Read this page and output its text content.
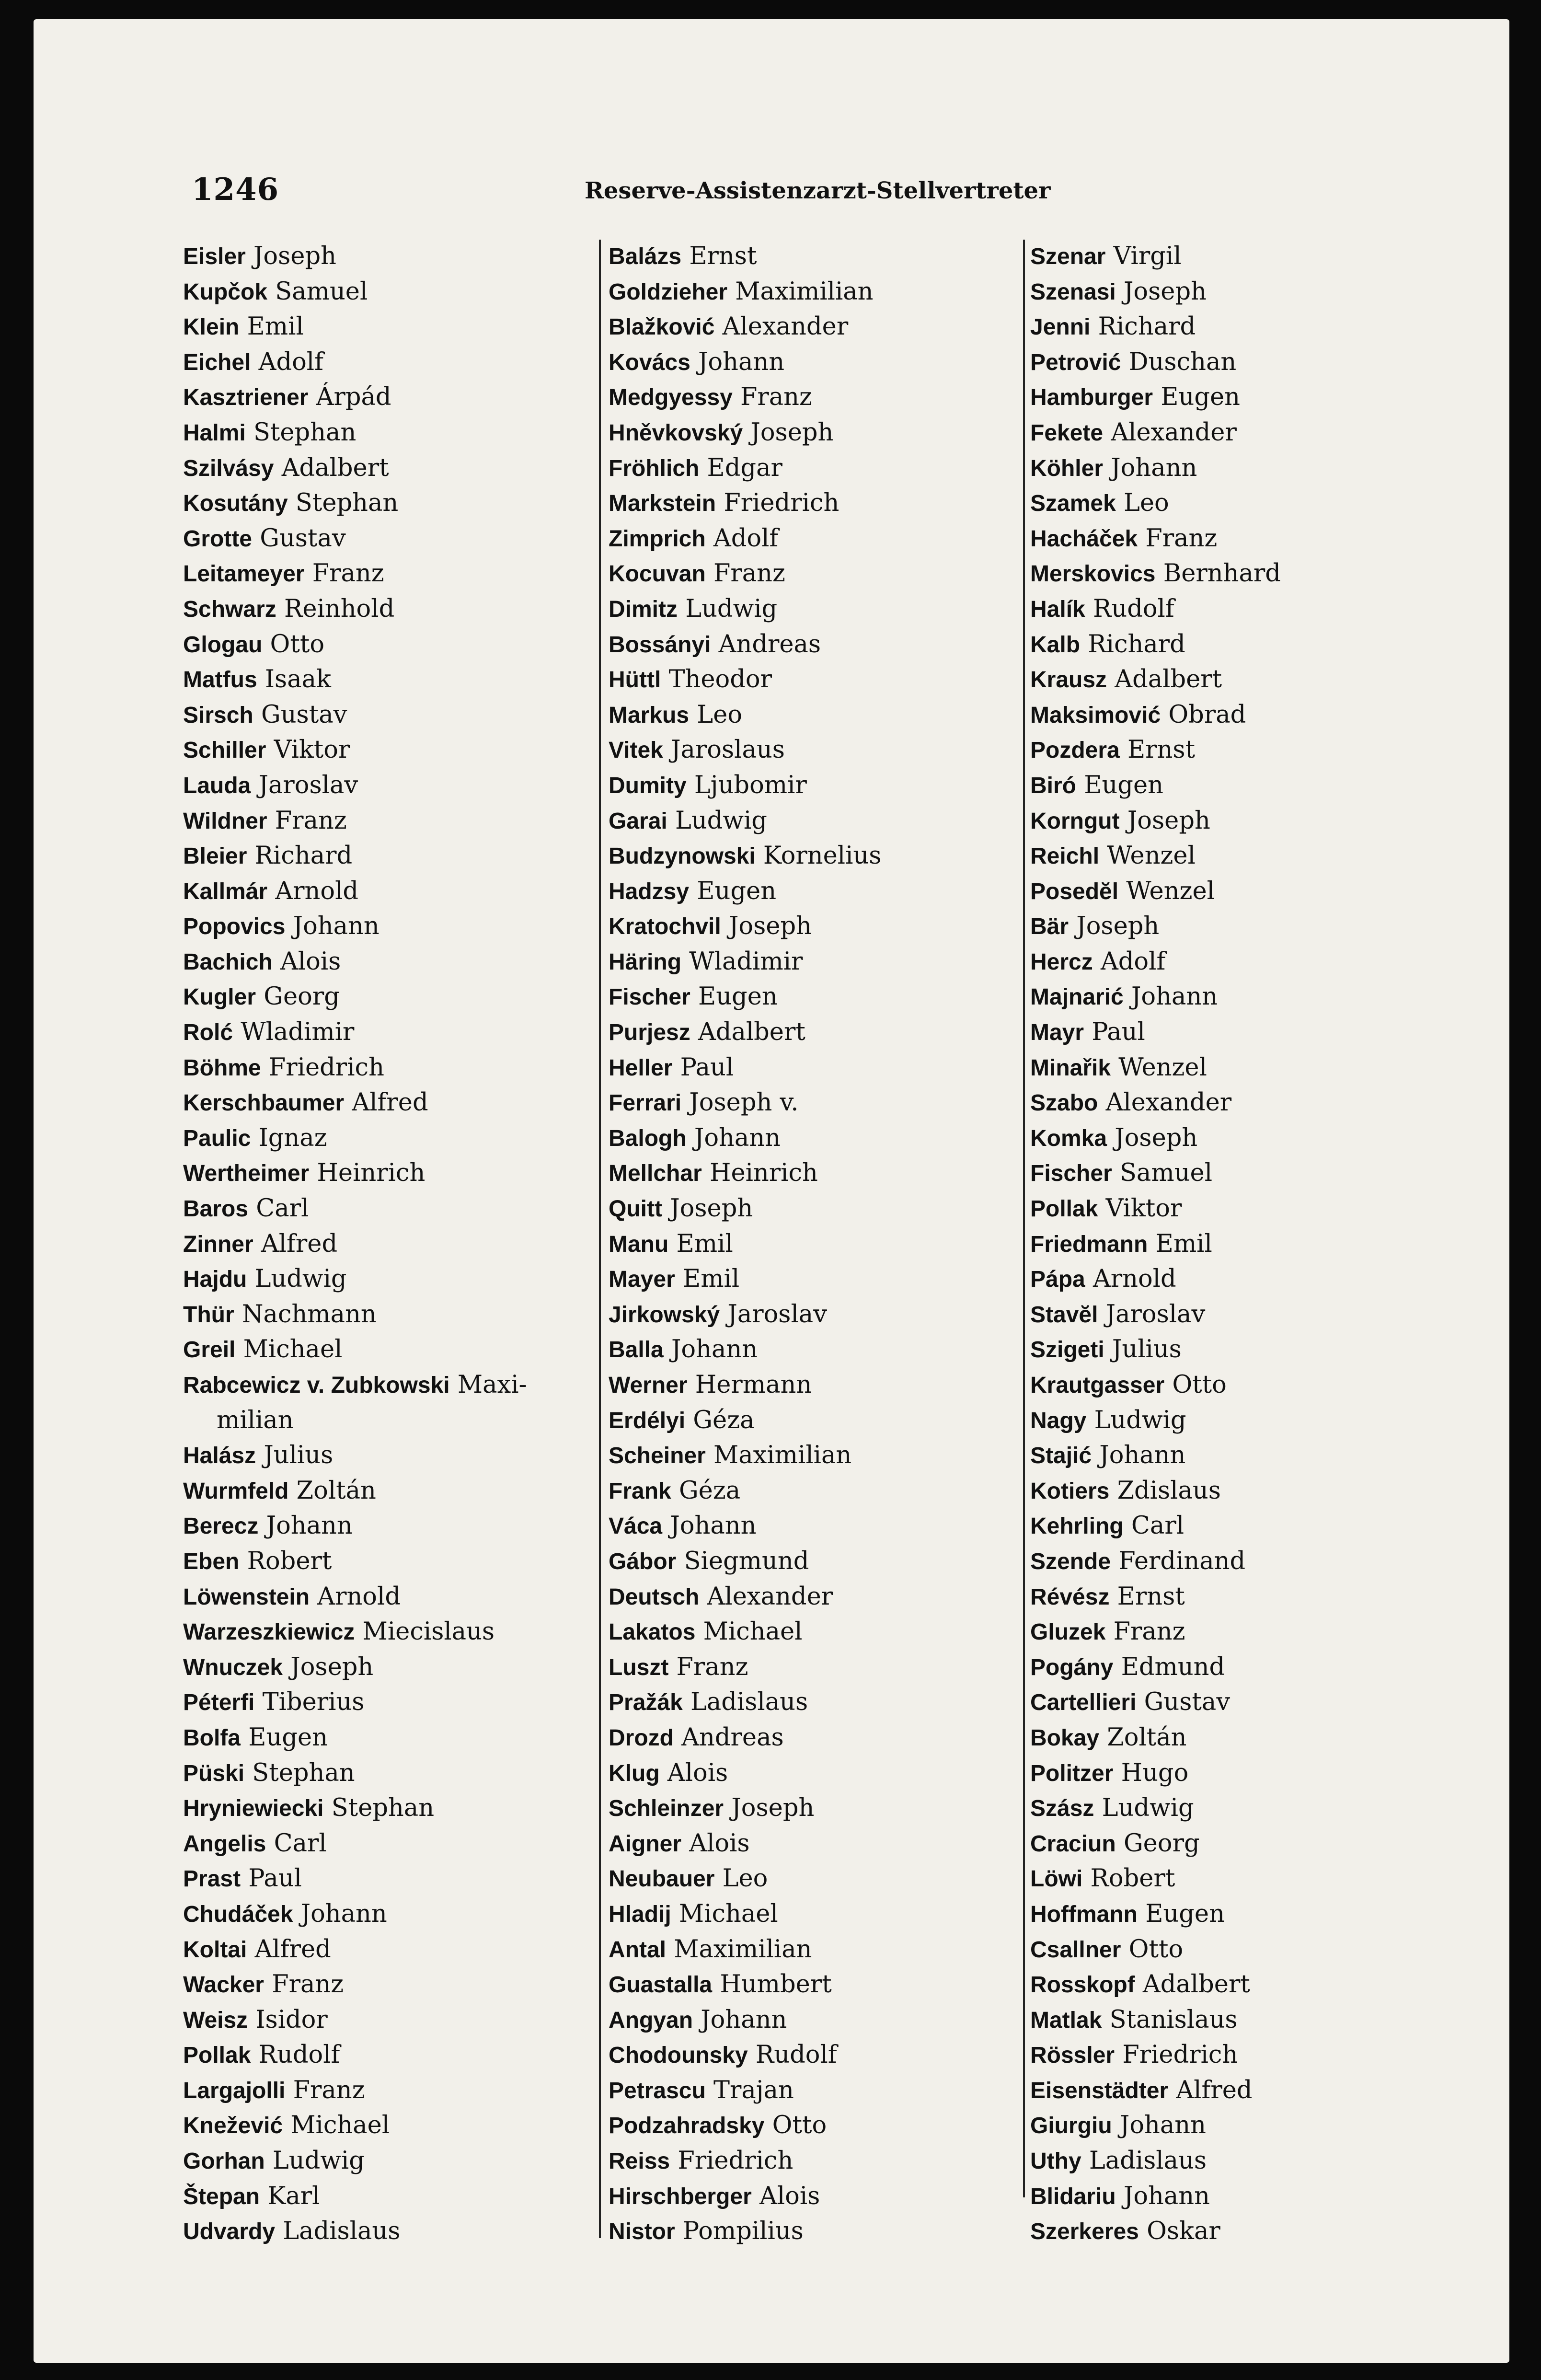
1246	Reserve-Assistenzarzt-Stellvertreter
Eisler Joseph
Kupčok Samuel
Klein Emil
Eichel Adolf
Kasztriener Árpád
Halmi Stephan
Szilvásy Adalbert
Kosutány Stephan
Grotte Gustav
Leitameyer Franz
Schwarz Reinhold
Glogau Otto
Matfus Isaak
Sirsch Gustav
Schiller Viktor
Lauda Jaroslav
Wildner Franz
Bleier Richard
Kallmár Arnold
Popovics Johann
Bachich Alois
Kugler Georg
Rolć Wladimir
Böhme Friedrich
Kerschbaumer Alfred
Paulic Ignaz
Wertheimer Heinrich
Baros Carl
Zinner Alfred
Hajdu Ludwig
Thür Nachmann
Greil Michael
Rabcewicz v. Zubkowski Maxi-
milian
Halász Julius
Wurmfeld Zoltán
Berecz Johann
Eben Robert
Löwenstein Arnold
Warzeszkiewicz Miecislaus
Wnuczek Joseph
Péterfi Tiberius
Bolfa Eugen
Püski Stephan
Hryniewiecki Stephan
Angelis Carl
Prast Paul
Chudáček Johann
Koltai Alfred
Wacker Franz
Weisz Isidor
Pollak Rudolf
Largajolli Franz
Knežević Michael
Gorhan Ludwig
Štepan Karl
Udvardy Ladislaus
Balázs Ernst
Goldzieher Maximilian
Blažković Alexander
Kovács Johann
Medgyessy Franz
Hněvkovský Joseph
Fröhlich Edgar
Markstein Friedrich
Zimprich Adolf
Kocuvan Franz
Dimitz Ludwig
Bossányi Andreas
Hüttl Theodor
Markus Leo
Vitek Jaroslaus
Dumity Ljubomir
Garai Ludwig
Budzynowski Kornelius
Hadzsy Eugen
Kratochvil Joseph
Häring Wladimir
Fischer Eugen
Purjesz Adalbert
Heller Paul
Ferrari Joseph v.
Balogh Johann
Mellchar Heinrich
Quitt Joseph
Manu Emil
Mayer Emil
Jirkowský Jaroslav
Balla Johann
Werner Hermann
Erdélyi Géza
Scheiner Maximilian
Frank Géza
Váca Johann
Gábor Siegmund
Deutsch Alexander
Lakatos Michael
Luszt Franz
Pražák Ladislaus
Drozd Andreas
Klug Alois
Schleinzer Joseph
Aigner Alois
Neubauer Leo
Hladij Michael
Antal Maximilian
Guastalla Humbert
Angyan Johann
Chodounsky Rudolf
Petrascu Trajan
Podzahradsky Otto
Reiss Friedrich
Hirschberger Alois
Nistor Pompilius
Szenar Virgil
Szenasi Joseph
Jenni Richard
Petrović Duschan
Hamburger Eugen
Fekete Alexander
Köhler Johann
Szamek Leo
Hacháček Franz
Merskovics Bernhard
Halík Rudolf
Kalb Richard
Krausz Adalbert
Maksimović Obrad
Pozdera Ernst
Biró Eugen
Korngut Joseph
Reichl Wenzel
Posedĕl Wenzel
Bär Joseph
Hercz Adolf
Majnarić Johann
Mayr Paul
Minařik Wenzel
Szabo Alexander
Komka Joseph
Fischer Samuel
Pollak Viktor
Friedmann Emil
Pápa Arnold
Stavĕl Jaroslav
Szigeti Julius
Krautgasser Otto
Nagy Ludwig
Stajić Johann
Kotiers Zdislaus
Kehrling Carl
Szende Ferdinand
Révész Ernst
Gluzek Franz
Pogány Edmund
Cartellieri Gustav
Bokay Zoltán
Politzer Hugo
Szász Ludwig
Craciun Georg
Löwi Robert
Hoffmann Eugen
Csallner Otto
Rosskopf Adalbert
Matlak Stanislaus
Rössler Friedrich
Eisenstädter Alfred
Giurgiu Johann
Uthy Ladislaus
Blidariu Johann
Szerkeres Oskar
